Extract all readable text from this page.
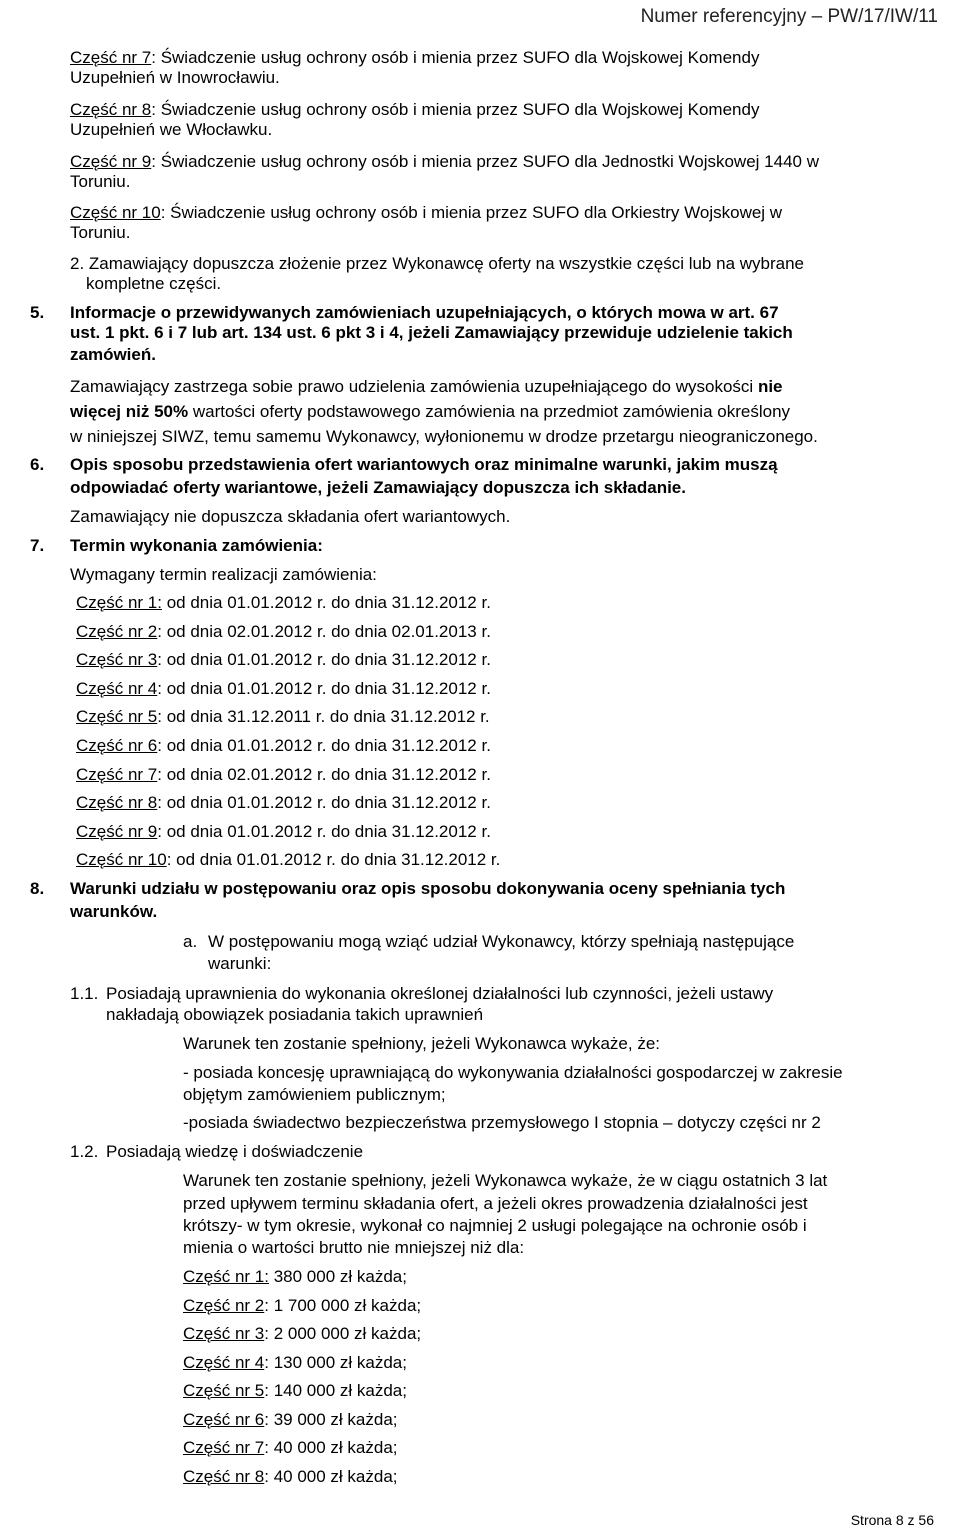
Numer referencyjny – PW/17/IW/11
Część nr 7: Świadczenie usług ochrony osób i mienia przez SUFO dla Wojskowej Komendy
Uzupełnień w Inowrocławiu.
Część nr 8: Świadczenie usług ochrony osób i mienia przez SUFO dla Wojskowej Komendy
Uzupełnień we Włocławku.
Część nr 9: Świadczenie usług ochrony osób i mienia przez SUFO dla Jednostki Wojskowej 1440 w
Toruniu.
Część nr 10: Świadczenie usług ochrony osób i mienia przez SUFO dla Orkiestry Wojskowej w
Toruniu.
2. Zamawiający dopuszcza złożenie przez Wykonawcę oferty na wszystkie części lub na wybrane
kompletne części.
5. Informacje o przewidywanych zamówieniach uzupełniających, o których mowa w art. 67
ust. 1 pkt. 6 i 7 lub art. 134 ust. 6 pkt 3 i 4, jeżeli Zamawiający przewiduje udzielenie takich
zamówień.
Zamawiający zastrzega sobie prawo udzielenia zamówienia uzupełniającego do wysokości nie
więcej niż 50% wartości oferty podstawowego zamówienia na przedmiot zamówienia określony
w niniejszej SIWZ, temu samemu Wykonawcy, wyłonionemu w drodze przetargu nieograniczonego.
6. Opis sposobu przedstawienia ofert wariantowych oraz minimalne warunki, jakim muszą
odpowiadać oferty wariantowe, jeżeli Zamawiający dopuszcza ich składanie.
Zamawiający nie dopuszcza składania ofert wariantowych.
7. Termin wykonania zamówienia:
Wymagany termin realizacji zamówienia:
Część nr 1: od dnia 01.01.2012 r. do dnia 31.12.2012 r.
Część nr 2: od dnia 02.01.2012 r. do dnia 02.01.2013 r.
Część nr 3: od dnia 01.01.2012 r. do dnia 31.12.2012 r.
Część nr 4: od dnia 01.01.2012 r. do dnia 31.12.2012 r.
Część nr 5: od dnia 31.12.2011 r. do dnia 31.12.2012 r.
Część nr 6: od dnia 01.01.2012 r. do dnia 31.12.2012 r.
Część nr 7: od dnia 02.01.2012 r. do dnia 31.12.2012 r.
Część nr 8: od dnia 01.01.2012 r. do dnia 31.12.2012 r.
Część nr 9: od dnia 01.01.2012 r. do dnia 31.12.2012 r.
Część nr 10: od dnia 01.01.2012 r. do dnia 31.12.2012 r.
8. Warunki udziału w postępowaniu oraz opis sposobu dokonywania oceny spełniania tych
warunków.
a. W postępowaniu mogą wziąć udział Wykonawcy, którzy spełniają następujące
warunki:
1.1. Posiadają uprawnienia do wykonania określonej działalności lub czynności, jeżeli ustawy
nakładają obowiązek posiadania takich uprawnień
Warunek ten zostanie spełniony, jeżeli Wykonawca wykaże, że:
- posiada koncesję uprawniającą do wykonywania działalności gospodarczej w zakresie
objętym zamówieniem publicznym;
-posiada świadectwo bezpieczeństwa przemysłowego I stopnia – dotyczy części nr 2
1.2. Posiadają wiedzę i doświadczenie
Warunek ten zostanie spełniony, jeżeli Wykonawca wykaże, że w ciągu ostatnich 3 lat
przed upływem terminu składania ofert, a jeżeli okres prowadzenia działalności jest
krótszy- w tym okresie, wykonał co najmniej 2 usługi polegające na ochronie osób i
mienia o wartości brutto nie mniejszej niż dla:
Część nr 1: 380 000 zł każda;
Część nr 2: 1 700 000 zł każda;
Część nr 3: 2 000 000 zł każda;
Część nr 4: 130 000 zł każda;
Część nr 5: 140 000 zł każda;
Część nr 6: 39 000 zł każda;
Część nr 7: 40 000 zł każda;
Część nr 8: 40 000 zł każda;
Strona 8 z 56
